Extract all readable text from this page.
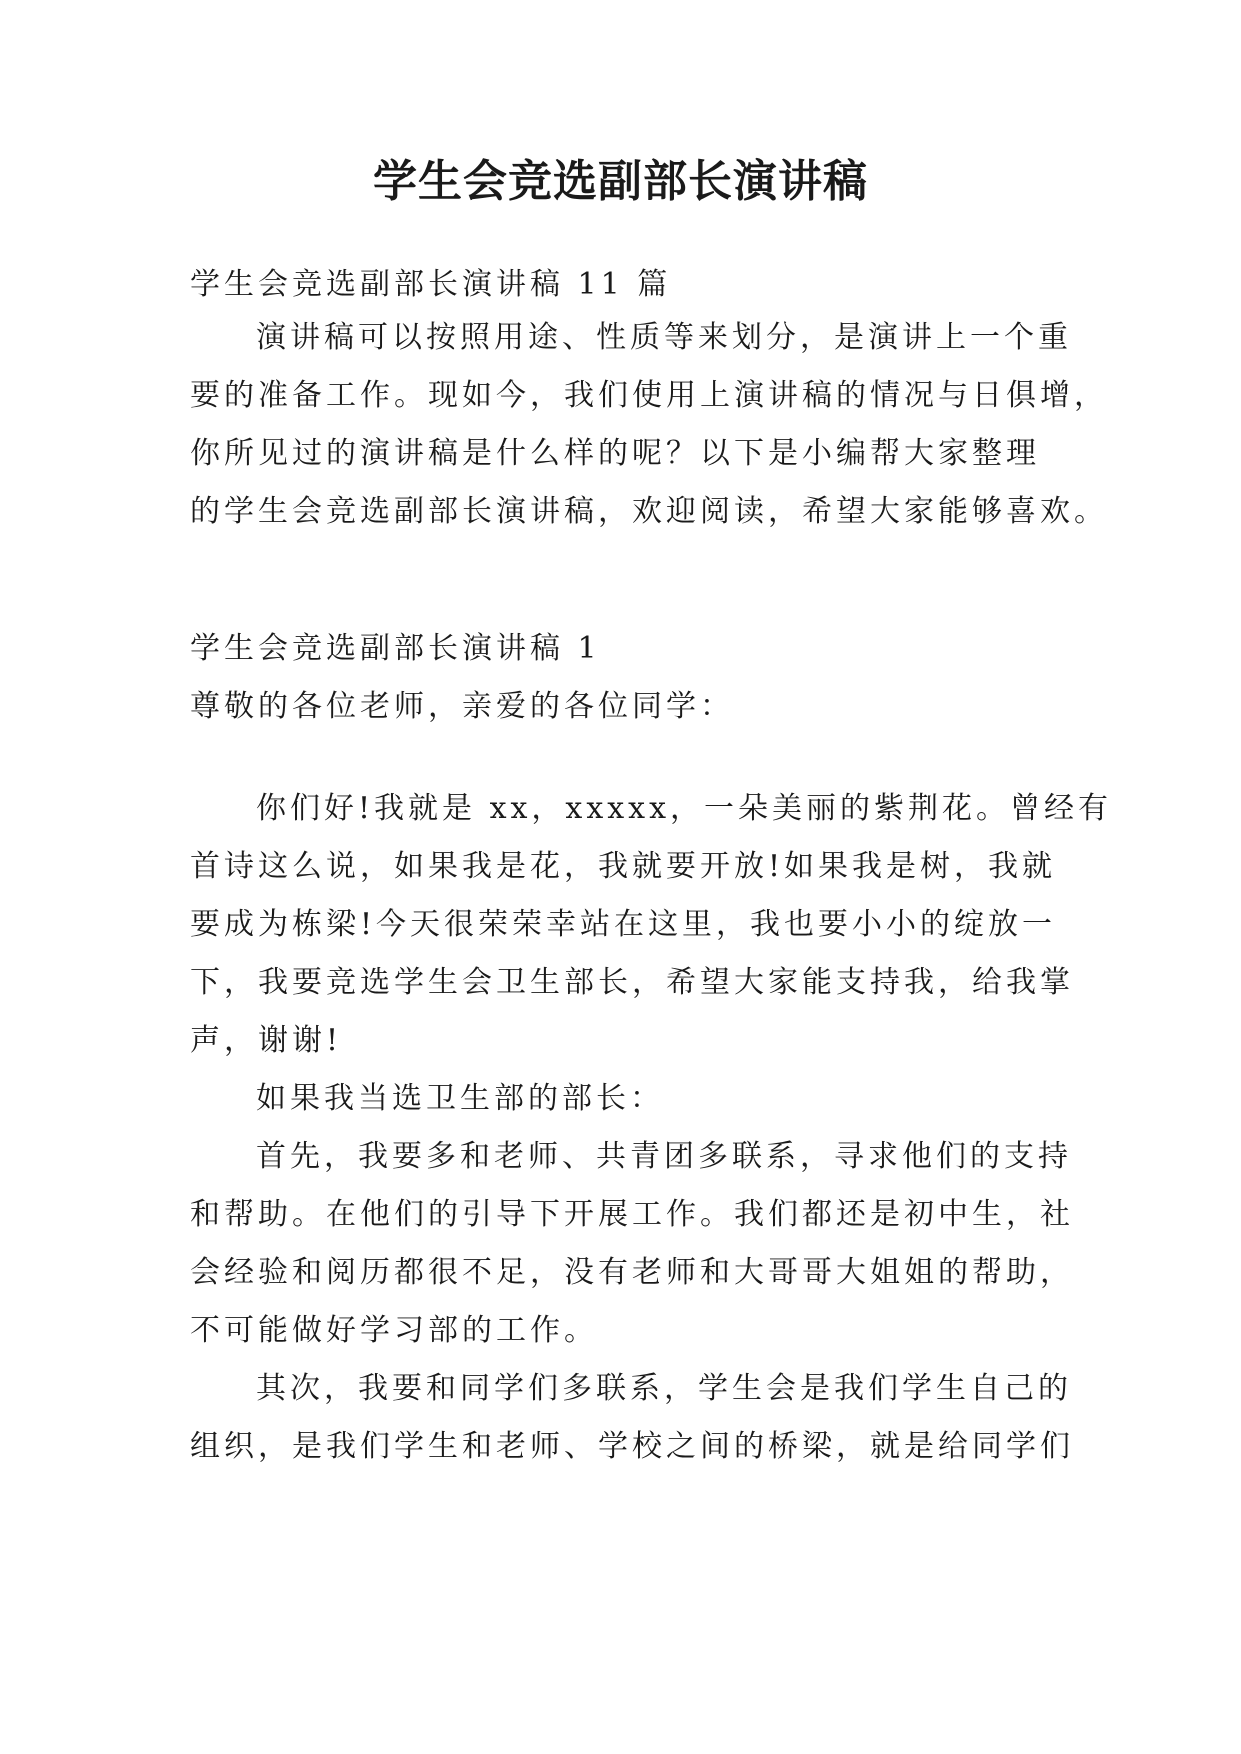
学生会竞选副部长演讲稿
学生会竞选副部长演讲稿 11 篇
演讲稿可以按照用途、性质等来划分，是演讲上一个重
要的准备工作。现如今，我们使用上演讲稿的情况与日俱增，
你所见过的演讲稿是什么样的呢？以下是小编帮大家整理
的学生会竞选副部长演讲稿，欢迎阅读，希望大家能够喜欢。
学生会竞选副部长演讲稿 1
尊敬的各位老师，亲爱的各位同学：
你们好!我就是 xx，xxxxx，一朵美丽的紫荆花。曾经有
首诗这么说，如果我是花，我就要开放!如果我是树，我就
要成为栋梁!今天很荣荣幸站在这里，我也要小小的绽放一
下，我要竞选学生会卫生部长，希望大家能支持我，给我掌
声，谢谢!
如果我当选卫生部的部长：
首先，我要多和老师、共青团多联系，寻求他们的支持
和帮助。在他们的引导下开展工作。我们都还是初中生，社
会经验和阅历都很不足，没有老师和大哥哥大姐姐的帮助，
不可能做好学习部的工作。
其次，我要和同学们多联系，学生会是我们学生自己的
组织，是我们学生和老师、学校之间的桥梁，就是给同学们
